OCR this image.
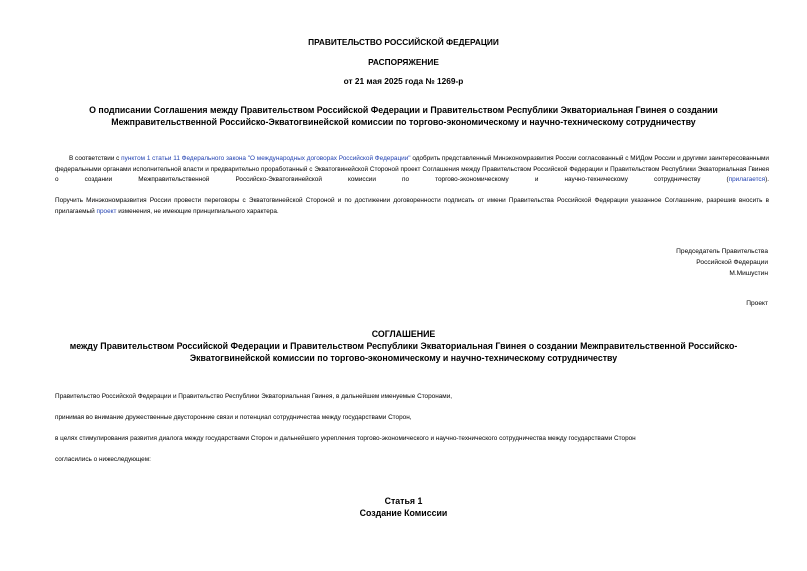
ПРАВИТЕЛЬСТВО РОССИЙСКОЙ ФЕДЕРАЦИИ
РАСПОРЯЖЕНИЕ
от 21 мая 2025 года № 1269-р
О подписании Соглашения между Правительством Российской Федерации и Правительством Республики Экваториальная Гвинея о создании
Межправительственной Российско-Экватогвинейской комиссии по торгово-экономическому и научно-техническому сотрудничеству
В соответствии с пунктом 1 статьи 11 Федерального закона "О международных договорах Российской Федерации" одобрить представленный Минэкономразвития России согласованный с МИДом России и другими заинтересованными федеральными органами исполнительной власти и предварительно проработанный с Экватогвинейской Стороной проект Соглашения между Правительством Российской Федерации и Правительством Республики Экваториальная Гвинея о создании Межправительственной Российско-Экватогвинейской комиссии по торгово-экономическому и научно-техническому сотрудничеству (прилагается).
Поручить Минэкономразвития России провести переговоры с Экватогвинейской Стороной и по достижении договоренности подписать от имени Правительства Российской Федерации указанное Соглашение, разрешив вносить в прилагаемый проект изменения, не имеющие принципиального характера.
Председатель Правительства
Российской Федерации
М.Мишустин
Проект
СОГЛАШЕНИЕ
между Правительством Российской Федерации и Правительством Республики Экваториальная Гвинея о создании Межправительственной Российско-
Экватогвинейской комиссии по торгово-экономическому и научно-техническому сотрудничеству
Правительство Российской Федерации и Правительство Республики Экваториальная Гвинея, в дальнейшем именуемые Сторонами,
принимая во внимание дружественные двусторонние связи и потенциал сотрудничества между государствами Сторон,
в целях стимулирования развития диалога между государствами Сторон и дальнейшего укрепления торгово-экономического и научно-технического сотрудничества между государствами Сторон
согласились о нижеследующем:
Статья 1
Создание Комиссии
